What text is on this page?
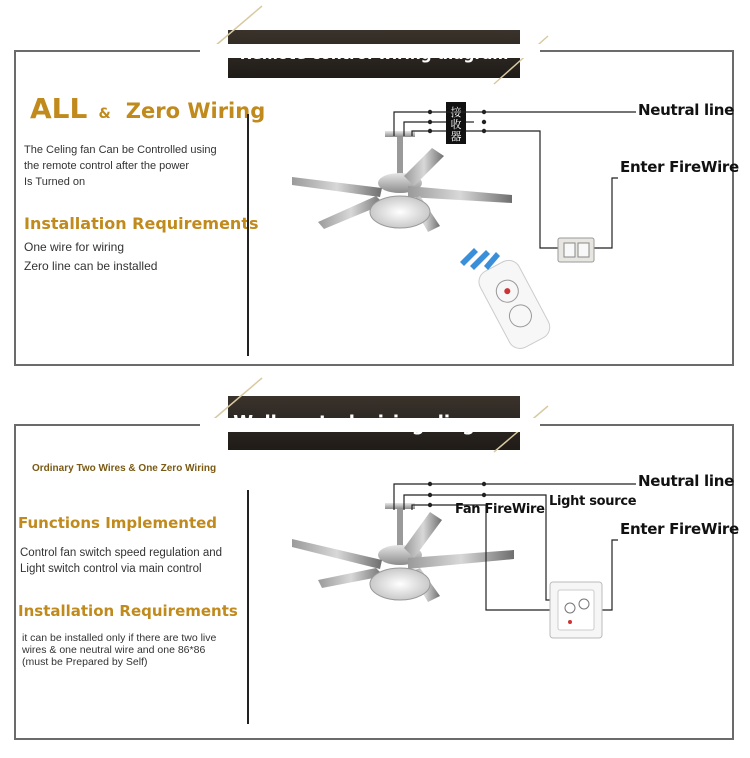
ALL & Zero Wiring
The Celing fan Can be Controlled using
the remote control after the power
Is Turned on
Installation Requirements
One wire for wiring
Zero line can be installed
Ordinary Two Wires & One Zero Wiring
Functions Implemented
Control fan switch speed regulation and
Light switch control via main control
Installation Requirements
it can be installed only if there are two live
wires & one neutral wire and one 86*86
(must be Prepared by Self)
接
收
器
Neutral line
Enter FireWire
Neutral line
Fan FireWire
Light source
Enter FireWire
